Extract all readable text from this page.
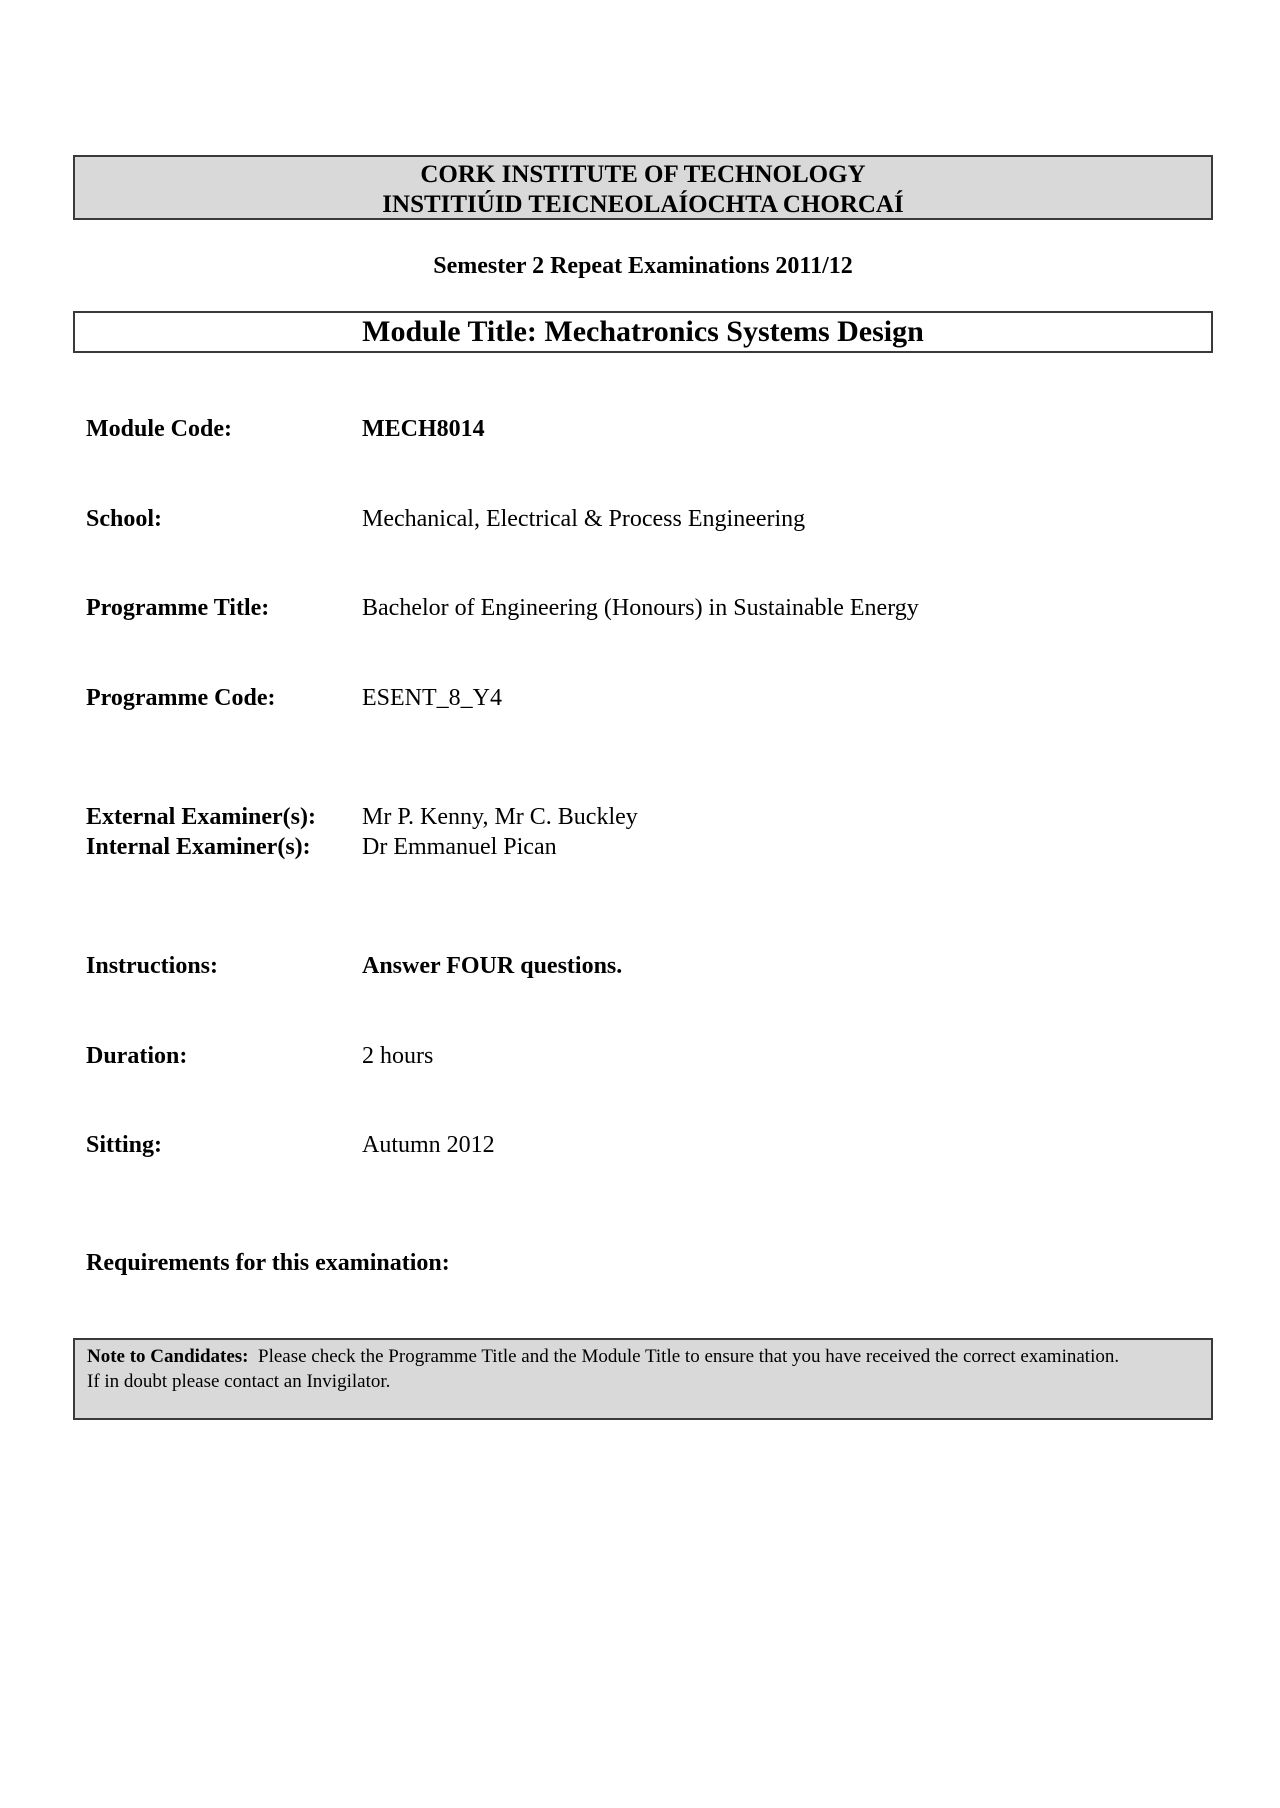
CORK INSTITUTE OF TECHNOLOGY
INSTITIÚID TEICNEOLAÍOCHTA CHORCAÍ
Semester 2 Repeat Examinations 2011/12
Module Title: Mechatronics Systems Design
Module Code:	MECH8014
School:	Mechanical, Electrical & Process Engineering
Programme Title:	Bachelor of Engineering (Honours) in Sustainable Energy
Programme Code:	ESENT_8_Y4
External Examiner(s): Mr P. Kenny, Mr C. Buckley
Internal Examiner(s): Dr Emmanuel Pican
Instructions:	Answer FOUR questions.
Duration:	2 hours
Sitting:	Autumn 2012
Requirements for this examination:
Note to Candidates: Please check the Programme Title and the Module Title to ensure that you have received the correct examination.
If in doubt please contact an Invigilator.
